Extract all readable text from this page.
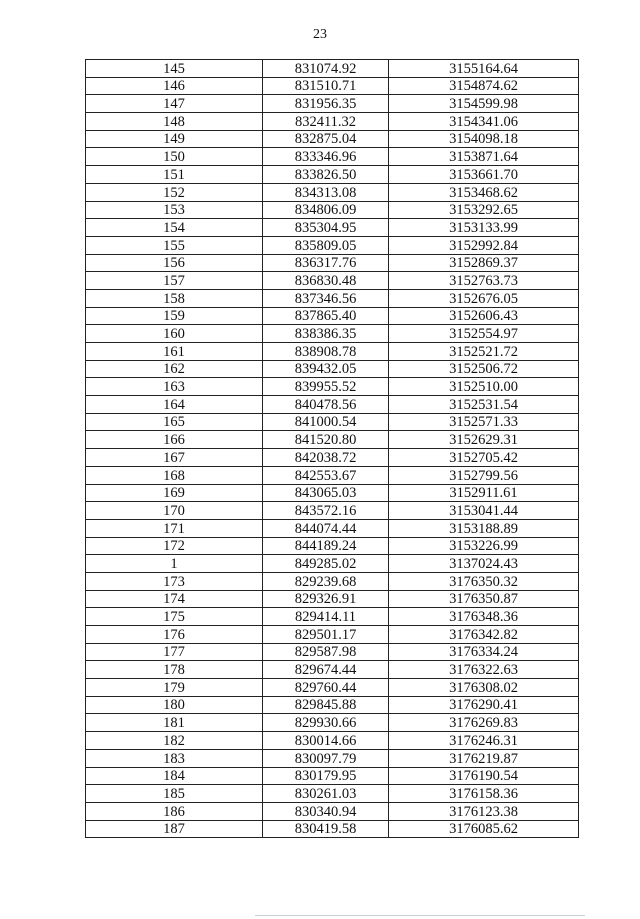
23
145	831074.92	3155164.64
146	831510.71	3154874.62
147	831956.35	3154599.98
148	832411.32	3154341.06
149	832875.04	3154098.18
150	833346.96	3153871.64
151	833826.50	3153661.70
152	834313.08	3153468.62
153	834806.09	3153292.65
154	835304.95	3153133.99
155	835809.05	3152992.84
156	836317.76	3152869.37
157	836830.48	3152763.73
158	837346.56	3152676.05
159	837865.40	3152606.43
160	838386.35	3152554.97
161	838908.78	3152521.72
162	839432.05	3152506.72
163	839955.52	3152510.00
164	840478.56	3152531.54
165	841000.54	3152571.33
166	841520.80	3152629.31
167	842038.72	3152705.42
168	842553.67	3152799.56
169	843065.03	3152911.61
170	843572.16	3153041.44
171	844074.44	3153188.89
172	844189.24	3153226.99
1	849285.02	3137024.43
173	829239.68	3176350.32
174	829326.91	3176350.87
175	829414.11	3176348.36
176	829501.17	3176342.82
177	829587.98	3176334.24
178	829674.44	3176322.63
179	829760.44	3176308.02
180	829845.88	3176290.41
181	829930.66	3176269.83
182	830014.66	3176246.31
183	830097.79	3176219.87
184	830179.95	3176190.54
185	830261.03	3176158.36
186	830340.94	3176123.38
187	830419.58	3176085.62
